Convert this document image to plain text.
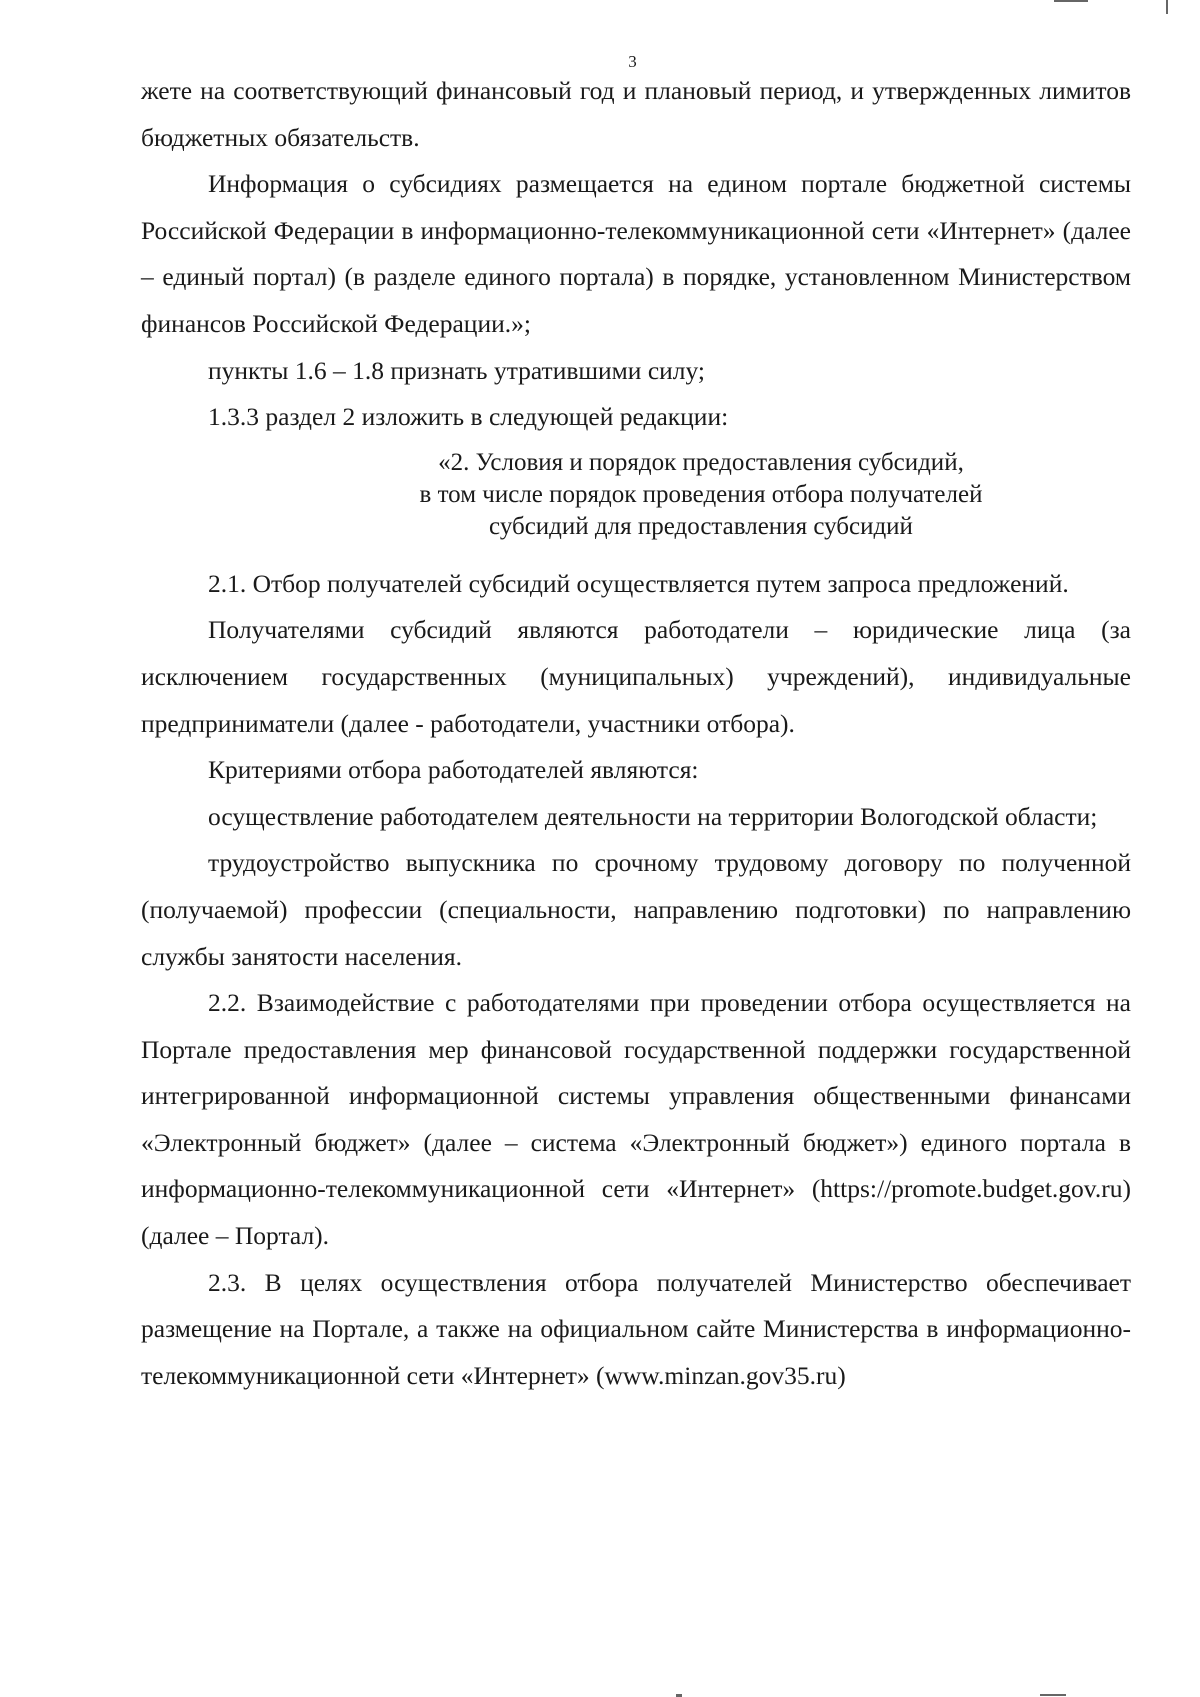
3

жете на соответствующий финансовый год и плановый период, и утвержденных лимитов бюджетных обязательств.

Информация о субсидиях размещается на едином портале бюджетной системы Российской Федерации в информационно-телекоммуникационной сети «Интернет» (далее – единый портал) (в разделе единого портала) в порядке, установленном Министерством финансов Российской Федерации.»;

пункты 1.6 – 1.8 признать утратившими силу;

1.3.3 раздел 2 изложить в следующей редакции:

«2. Условия и порядок предоставления субсидий,
в том числе порядок проведения отбора получателей
субсидий для предоставления субсидий

2.1. Отбор получателей субсидий осуществляется путем запроса предложений.

Получателями субсидий являются работодатели – юридические лица (за исключением государственных (муниципальных) учреждений), индивидуальные предприниматели (далее - работодатели, участники отбора).

Критериями отбора работодателей являются:

осуществление работодателем деятельности на территории Вологодской области;

трудоустройство выпускника по срочному трудовому договору по полученной (получаемой) профессии (специальности, направлению подготовки) по направлению службы занятости населения.

2.2. Взаимодействие с работодателями при проведении отбора осуществляется на Портале предоставления мер финансовой государственной поддержки государственной интегрированной информационной системы управления общественными финансами «Электронный бюджет» (далее – система «Электронный бюджет») единого портала в информационно-телекоммуникационной сети «Интернет» (https://promote.budget.gov.ru) (далее – Портал).

2.3. В целях осуществления отбора получателей Министерство обеспечивает размещение на Портале, а также на официальном сайте Министерства в информационно-телекоммуникационной сети «Интернет» (www.minzan.gov35.ru)
